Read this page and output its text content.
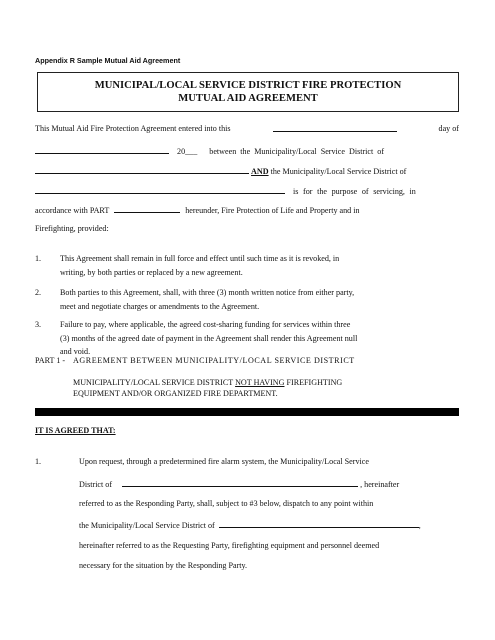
Appendix R Sample Mutual Aid Agreement
MUNICIPAL/LOCAL SERVICE DISTRICT FIRE PROTECTION
MUTUAL AID AGREEMENT
This Mutual Aid Fire Protection Agreement entered into this	day of
20___ between the Municipality/Local Service District of
AND the Municipality/Local Service District of
is for the purpose of servicing, in
accordance with PART	hereunder, Fire Protection of Life and Property and in
Firefighting, provided:
1. This Agreement shall remain in full force and effect until such time as it is revoked, in
writing, by both parties or replaced by a new agreement.
2. Both parties to this Agreement, shall, with three (3) month written notice from either party,
meet and negotiate charges or amendments to the Agreement.
3. Failure to pay, where applicable, the agreed cost-sharing funding for services within three
(3) months of the agreed date of payment in the Agreement shall render this Agreement null
and void.
IT IS AGREED THAT:
1.	Upon request, through a predetermined fire alarm system, the Municipality/Local Service
District of	, hereinafter
referred to as the Responding Party, shall, subject to #3 below, dispatch to any point within
the Municipality/Local Service District of	,
hereinafter referred to as the Requesting Party, firefighting equipment and personnel deemed
necessary for the situation by the Responding Party.
PART 1 - AGREEMENT BETWEEN MUNICIPALITY/LOCAL SERVICE DISTRICT
MUNICIPALITY/LOCAL SERVICE DISTRICT NOT HAVING FIREFIGHTING
EQUIPMENT AND/OR ORGANIZED FIRE DEPARTMENT.
